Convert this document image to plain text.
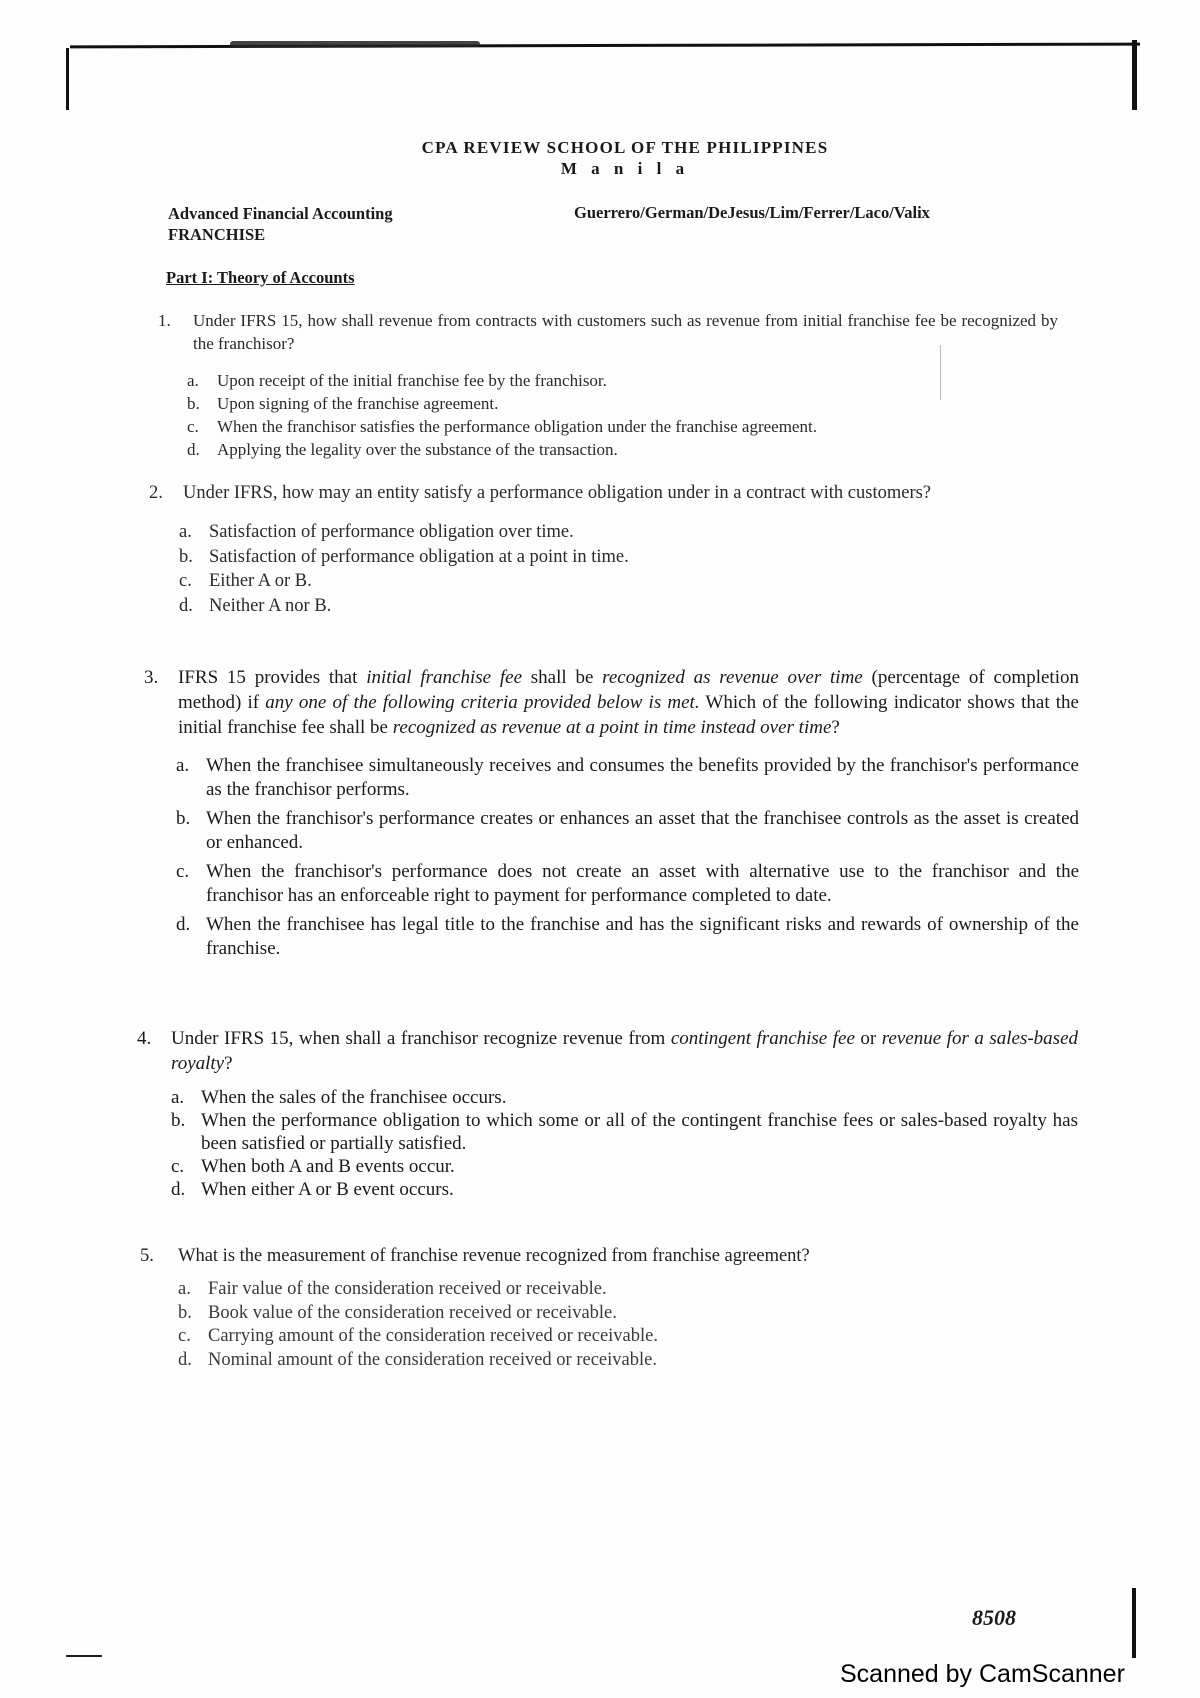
CPA REVIEW SCHOOL OF THE PHILIPPINES
M a n i l a
Advanced Financial Accounting
FRANCHISE
Guerrero/German/DeJesus/Lim/Ferrer/Laco/Valix
Part I: Theory of Accounts
1.	Under IFRS 15, how shall revenue from contracts with customers such as revenue from initial franchise fee be recognized by the franchisor?
a.	Upon receipt of the initial franchise fee by the franchisor.
b.	Upon signing of the franchise agreement.
c.	When the franchisor satisfies the performance obligation under the franchise agreement.
d.	Applying the legality over the substance of the transaction.
2.	Under IFRS, how may an entity satisfy a performance obligation under in a contract with customers?
a. Satisfaction of performance obligation over time.
b. Satisfaction of performance obligation at a point in time.
c. Either A or B.
d. Neither A nor B.
3.	IFRS 15 provides that initial franchise fee shall be recognized as revenue over time (percentage of completion method) if any one of the following criteria provided below is met. Which of the following indicator shows that the initial franchise fee shall be recognized as revenue at a point in time instead over time?
a. When the franchisee simultaneously receives and consumes the benefits provided by the franchisor's performance as the franchisor performs.
b. When the franchisor's performance creates or enhances an asset that the franchisee controls as the asset is created or enhanced.
c. When the franchisor's performance does not create an asset with alternative use to the franchisor and the franchisor has an enforceable right to payment for performance completed to date.
d. When the franchisee has legal title to the franchise and has the significant risks and rewards of ownership of the franchise.
4.	Under IFRS 15, when shall a franchisor recognize revenue from contingent franchise fee or revenue for a sales-based royalty?
a. When the sales of the franchisee occurs.
b. When the performance obligation to which some or all of the contingent franchise fees or sales-based royalty has been satisfied or partially satisfied.
c. When both A and B events occur.
d. When either A or B event occurs.
5.	What is the measurement of franchise revenue recognized from franchise agreement?
a. Fair value of the consideration received or receivable.
b. Book value of the consideration received or receivable.
c. Carrying amount of the consideration received or receivable.
d. Nominal amount of the consideration received or receivable.
8508
Scanned by CamScanner
